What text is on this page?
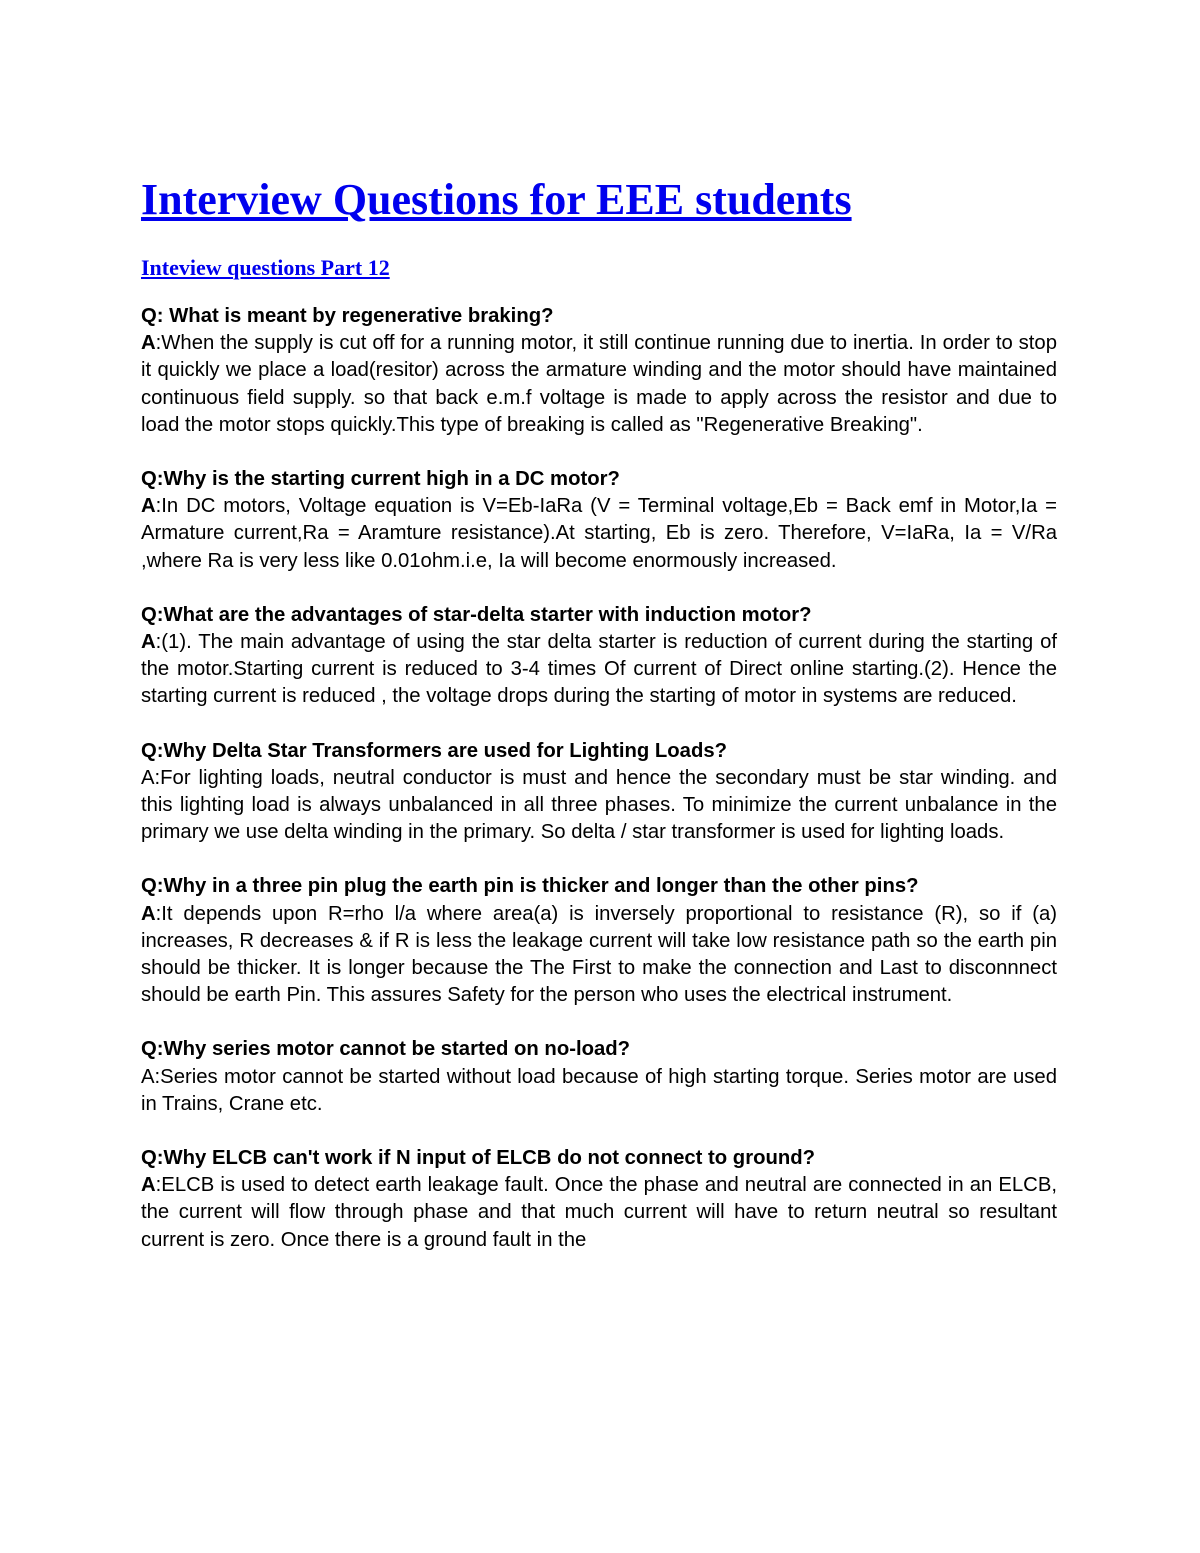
Interview Questions for EEE students
Inteview questions Part 12

Q: What is meant by regenerative braking?

A:When the supply is cut off for a running motor, it still continue running due to inertia. In order to stop it quickly we place a load(resitor) across the armature winding and the motor should have maintained continuous field supply. so that back e.m.f voltage is made to apply across the resistor and due to load the motor stops quickly.This type of breaking is called as "Regenerative Breaking".

Q:Why is the starting current high in a DC motor?

A:In DC motors, Voltage equation is V=Eb-IaRa (V = Terminal voltage,Eb = Back emf in Motor,Ia = Armature current,Ra = Aramture resistance).At starting, Eb is zero. Therefore, V=IaRa, Ia = V/Ra ,where Ra is very less like 0.01ohm.i.e, Ia will become enormously increased.

Q:What are the advantages of star-delta starter with induction motor?

A:(1). The main advantage of using the star delta starter is reduction of current during the starting of the motor.Starting current is reduced to 3-4 times Of current of Direct online starting.(2). Hence the starting current is reduced , the voltage drops during the starting of motor in systems are reduced.

Q:Why Delta Star Transformers are used for Lighting Loads?

A:For lighting loads, neutral conductor is must and hence the secondary must be star winding. and this lighting load is always unbalanced in all three phases. To minimize the current unbalance in the primary we use delta winding in the primary. So delta / star transformer is used for lighting loads.

Q:Why in a three pin plug the earth pin is thicker and longer than the other pins?

A:It depends upon R=rho l/a where area(a) is inversely proportional to resistance (R), so if (a) increases, R decreases & if R is less the leakage current will take low resistance path so the earth pin should be thicker. It is longer because the The First to make the connection and Last to disconnnect should be earth Pin. This assures Safety for the person who uses the electrical instrument.

Q:Why series motor cannot be started on no-load?

A:Series motor cannot be started without load because of high starting torque. Series motor are used in Trains, Crane etc.

Q:Why ELCB can't work if N input of ELCB do not connect to ground?

A:ELCB is used to detect earth leakage fault. Once the phase and neutral are connected in an ELCB, the current will flow through phase and that much current will have to return neutral so resultant current is zero. Once there is a ground fault in the
